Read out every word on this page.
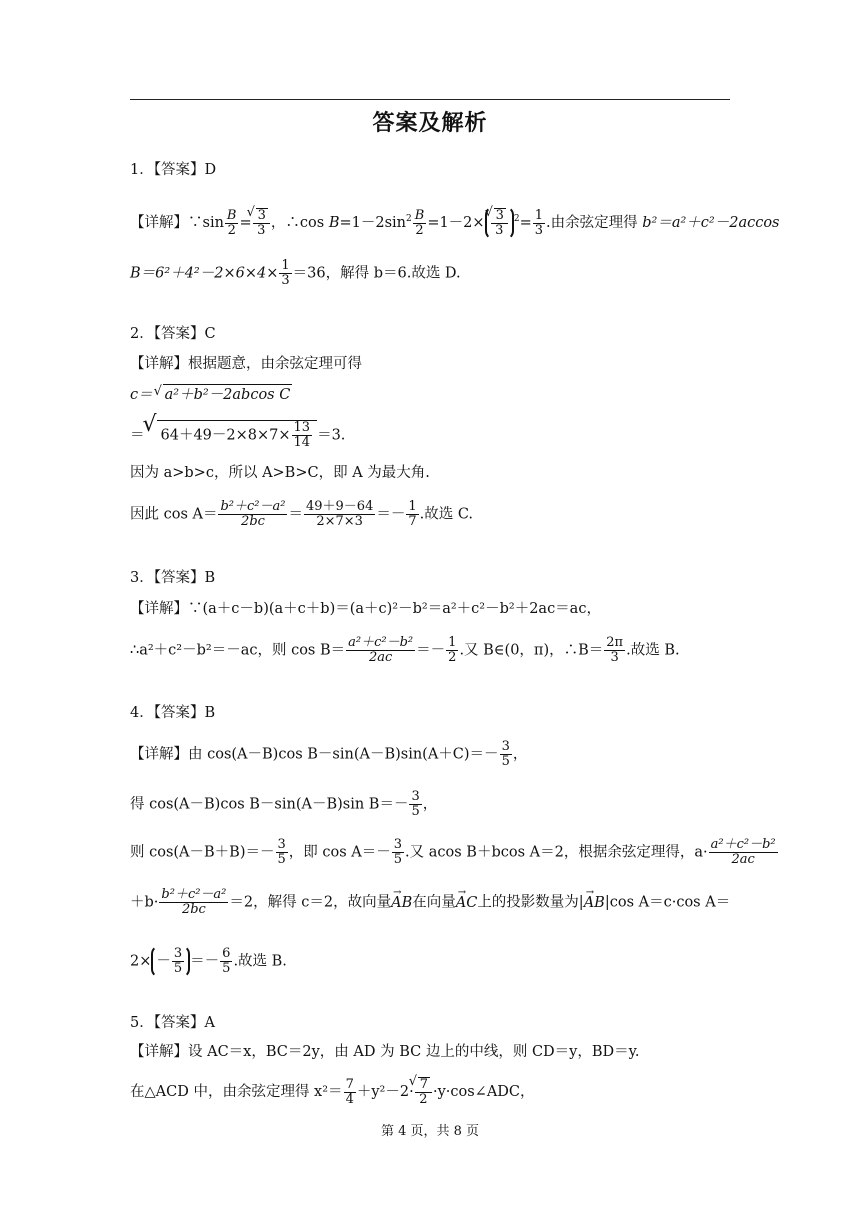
答案及解析
1．【答案】D
【详解】∵sin $\frac{B}{2}$ = √ $\frac{3}{3}$ ，∴cos $B=1-2\sin^2 \frac{B}{2} =1-2\times$ √ $\frac{3}{3} ^2= \frac{1}{3}$ .由余弦定理得 b²＝a²＋c²－2accos
$B=6^2+4^2-2\times 6\times 4\times \frac{1}{3} =36$，解得 b＝6.故选 D.
2．【答案】C
【详解】根据题意，由余弦定理可得
c＝ √ a²＋b²－2abcos C
＝ √ $64+49-2\times 8\times 7\times \frac{13}{14} =3$.
因为 a>b>c，所以 A>B>C，即 A 为最大角.
因此 $\cos A= \frac{\text{b²＋c²－a²}}{2bc} = \frac{49+9-64}{2\times 7\times 3} =- \frac{1}{7}$ .故选 C.
3．【答案】B
【详解】∵(a＋c－b)(a＋c＋b)＝(a＋c)²－b²＝a²＋c²－b²＋2ac＝ac，
∴a²＋c²－b²＝－ac，则 $\cos B= \frac{\text{a²＋c²－b²}}{2ac} =- \frac{1}{2}$ .又 B∈(0，π)，∴B＝ $\frac{2\pi}{3}$ .故选 B.
4．【答案】B
【详解】由 cos(A－B)cos $B-\sin(A-B)\sin(A+C)=- \frac{3}{5}$ ，
得 cos(A－B)cos B－sin(A－B)sin $B=- \frac{3}{5}$ ，
则 $\cos(A-B+B)=- \frac{3}{5}$ ，即 $\cos A=- \frac{3}{5}$ .又 acos B＋bcos A＝2，根据余弦定理得，$a\cdot \frac{\text{a²＋c²－b²}}{2ac}$
$+b\cdot \frac{\text{b²＋c²－a²}}{2bc} =2$，解得 c＝2，故向量AB →在向量AC →上的投影数量为|AB →|cos A＝c·cos A＝
$2\times - \frac{3}{5} =- \frac{6}{5}$ .故选 B.
5．【答案】A
【详解】设 AC＝x，BC＝2y，由 AD 为 BC 边上的中线，则 CD＝y，BD＝y.
在△ACD 中，由余弦定理得 $x^2= \frac{7}{4} +y^2-2\cdot$ √ $\frac{7}{2}$ ·y·cos∠ADC，
第 4 页，共 8 页
